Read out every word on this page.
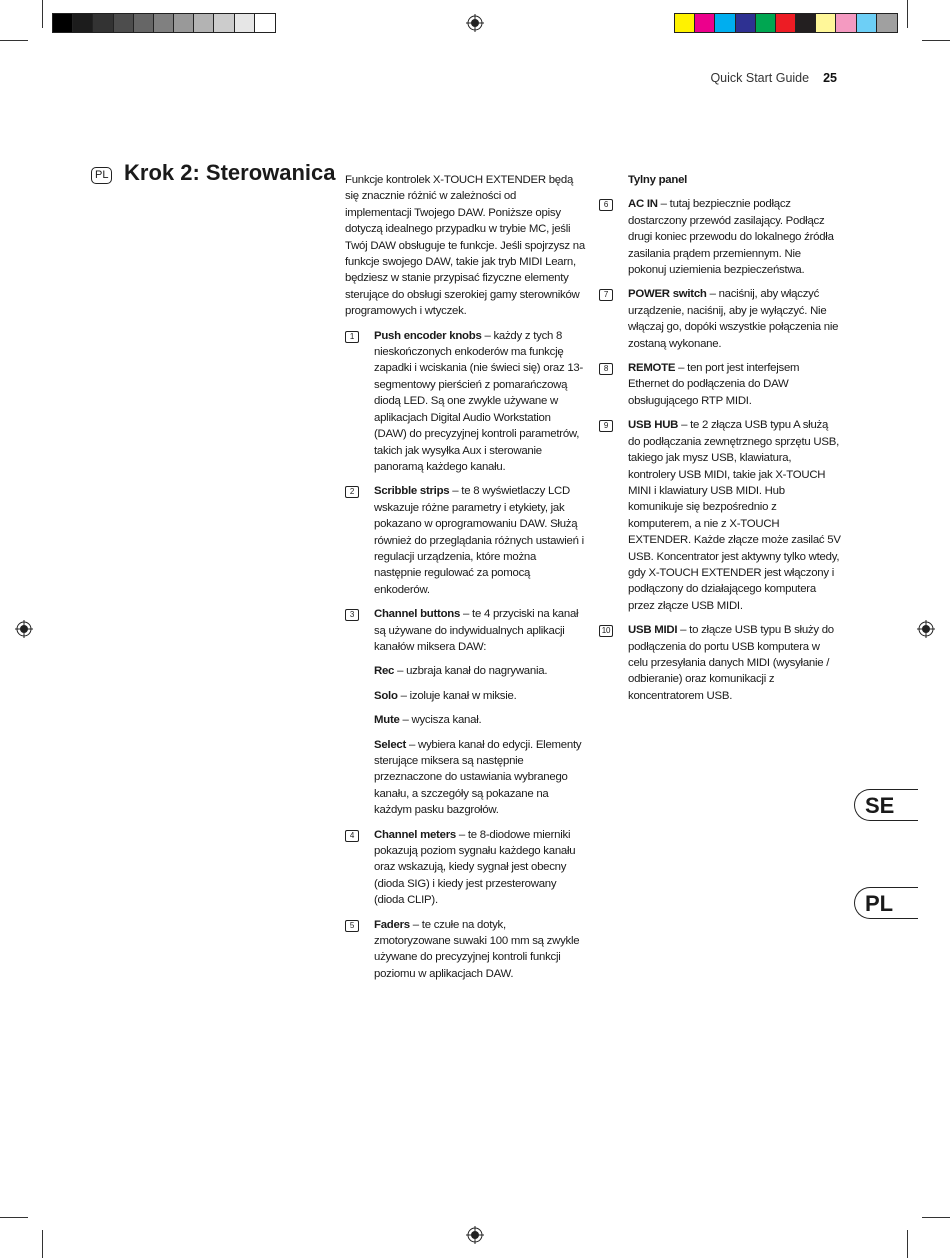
Quick Start Guide 25
PL Krok 2: Sterowanica Funkcje kontrolek X-TOUCH EXTENDER będą się znacznie różnić w zależności od implementacji Twojego DAW. Poniższe opisy dotyczą idealnego przypadku w trybie MC, jeśli Twój DAW obsługuje te funkcje. Jeśli spojrzysz na funkcje swojego DAW, takie jak tryb MIDI Learn, będziesz w stanie przypisać fizyczne elementy sterujące do obsługi szerokiej gamy sterowników programowych i wtyczek.

1	Push encoder knobs – każdy z tych 8 nieskończonych enkoderów ma funkcję zapadki i wciskania (nie świeci się) oraz 13-segmentowy pierścień z pomarańczową diodą LED. Są one zwykle używane w aplikacjach Digital Audio Workstation (DAW) do precyzyjnej kontroli parametrów, takich jak wysyłka Aux i sterowanie panoramą każdego kanału.
2	Scribble strips – te 8 wyświetlaczy LCD wskazuje różne parametry i etykiety, jak pokazano w oprogramowaniu DAW. Służą również do przeglądania różnych ustawień i regulacji urządzenia, które można następnie regulować za pomocą enkoderów.
3	Channel buttons – te 4 przyciski na kanał są używane do indywidualnych aplikacji kanałów miksera DAW:
Rec – uzbraja kanał do nagrywania.
Solo – izoluje kanał w miksie.
Mute – wycisza kanał.
Select – wybiera kanał do edycji. Elementy sterujące miksera są następnie przeznaczone do ustawiania wybranego kanału, a szczegóły są pokazane na każdym pasku bazgrołów.
4	Channel meters – te 8-diodowe mierniki pokazują poziom sygnału każdego kanału oraz wskazują, kiedy sygnał jest obecny (dioda SIG) i kiedy jest przesterowany (dioda CLIP).
5	Faders – te czułe na dotyk, zmotoryzowane suwaki 100 mm są zwykle używane do precyzyjnej kontroli funkcji poziomu w aplikacjach DAW.
Tylny panel
6	AC IN – tutaj bezpiecznie podłącz dostarczony przewód zasilający. Podłącz drugi koniec przewodu do lokalnego źródła zasilania prądem przemiennym. Nie pokonuj uziemienia bezpieczeństwa.
7	POWER switch – naciśnij, aby włączyć urządzenie, naciśnij, aby je wyłączyć. Nie włączaj go, dopóki wszystkie połączenia nie zostaną wykonane.
8	REMOTE – ten port jest interfejsem Ethernet do podłączenia do DAW obsługującego RTP MIDI.
9	USB HUB – te 2 złącza USB typu A służą do podłączania zewnętrznego sprzętu USB, takiego jak mysz USB, klawiatura, kontrolery USB MIDI, takie jak X-TOUCH MINI i klawiatury USB MIDI. Hub komunikuje się bezpośrednio z komputerem, a nie z X-TOUCH EXTENDER. Każde złącze może zasilać 5V USB. Koncentrator jest aktywny tylko wtedy, gdy X-TOUCH EXTENDER jest włączony i podłączony do działającego komputera przez złącze USB MIDI.
10 USB MIDI – to złącze USB typu B służy do podłączenia do portu USB komputera w celu przesyłania danych MIDI (wysyłanie / odbieranie) oraz komunikacji z koncentratorem USB.
SE
PL
